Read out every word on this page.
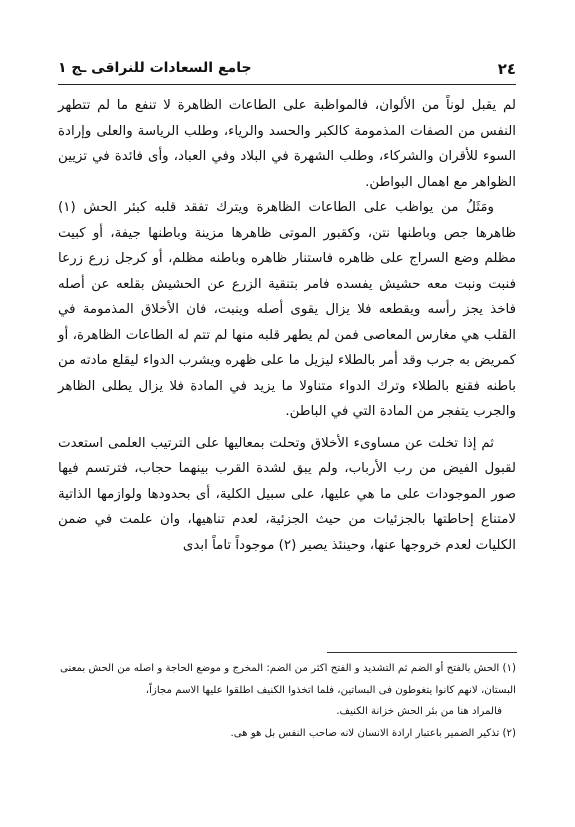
٢٤
جامع السعادات للنراقى ـج ١

لم يقبل لوناً من الألوان، فالمواظبة على الطاعات الظاهرة لا تنفع ما لم تتطهر النفس من الصفات المذمومة كالكبر والحسد والرياء، وطلب الرياسة والعلى وإرادة السوء للأقران والشركاء، وطلب الشهرة في البلاد وفي العباد، وأى فائدة في تزيين الظواهر مع اهمال البواطن.

ومَثَلُ من يواظب على الطاعات الظاهرة ويترك تفقد قلبه كبئر الحش (١) ظاهرها جص وباطنها نتن، وكقبور الموتى ظاهرها مزينة وباطنها جيفة، أو كبيت مظلم وضع السراج على ظاهره فاستنار ظاهره وباطنه مظلم، أو كرجل زرع زرعا فنبت ونبت معه حشيش يفسده فامر بتنقية الزرع عن الحشيش بقلعه عن أصله فاخذ يجز رأسه ويقطعه فلا يزال يقوى أصله وينبت، فان الأخلاق المذمومة في القلب هي مغارس المعاصى فمن لم يطهر قلبه منها لم تتم له الطاعات الظاهرة، أو كمريض به جرب وقد أمر بالطلاء ليزيل ما على ظهره ويشرب الدواء ليقلع مادته من باطنه فقنع بالطلاء وترك الدواء متناولا ما يزيد في المادة فلا يزال يطلى الظاهر والجرب يتفجر من المادة التي في الباطن.

ثم إذا تخلت عن مساوىء الأخلاق وتحلت بمعاليها على الترتيب العلمى استعدت لقبول الفيض من رب الأرباب، ولم يبق لشدة القرب بينهما حجاب، فترتسم فيها صور الموجودات على ما هي عليها، على سبيل الكلية، أى بحدودها ولوازمها الذاتية لامتناع إحاطتها بالجزئيات من حيث الجزئية، لعدم تناهيها، وان علمت في ضمن الكليات لعدم خروجها عنها، وحينئذ يصير (٢) موجوداً تاماً ابدى

(١) الحش بالفتح أو الضم ثم التشديد و الفتح اكثر من الضم: المخرج و موضع الحاجة و اصله من الحش بمعنى البستان، لانهم كانوا يتغوطون فى البساتين، فلما اتخذوا الكنيف اطلقوا عليها الاسم مجازاً،

فالمراد هنا من بئر الحش خزانة الكنيف.

(٢) تذكير الضمير باعتبار ارادة الانسان لانه صاحب النفس بل هو هى.
